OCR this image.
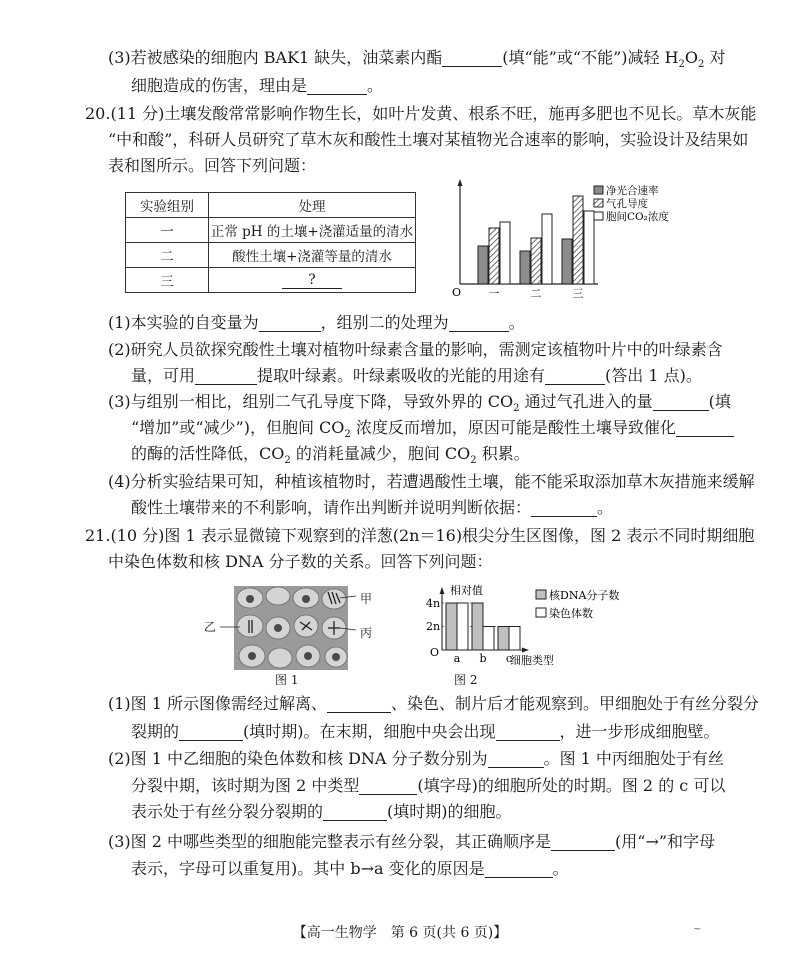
(3)若被感染的细胞内 BAK1 缺失，油菜素内酯	(填“能”或“不能”)减轻 $H_2O_2$ 对
细胞造成的伤害，理由是	。
20.(11 分)土壤发酸常常影响作物生长，如叶片发黄、根系不旺，施再多肥也不见长。草木灰能
“中和酸”，科研人员研究了草木灰和酸性土壤对某植物光合速率的影响，实验设计及结果如
表和图所示。回答下列问题：
实验组别	处理
一	正常 pH 的土壤+浇灌适量的清水
二	酸性土壤+浇灌等量的清水
三	?
O 一	二	三
净光合速率
气孔导度
胞间CO₂浓度
(1)本实验的自变量为	，组别二的处理为	。
(2)研究人员欲探究酸性土壤对植物叶绿素含量的影响，需测定该植物叶片中的叶绿素含
量，可用	提取叶绿素。叶绿素吸收的光能的用途有	(答出 1 点)。
(3)与组别一相比，组别二气孔导度下降，导致外界的 $CO_2$ 通过气孔进入的量	(填
“增加”或“减少”)，但胞间 $CO_2$ 浓度反而增加，原因可能是酸性土壤导致催化
的酶的活性降低，$CO_2$ 的消耗量减少，胞间 $CO_2$ 积累。
(4)分析实验结果可知，种植该植物时，若遭遇酸性土壤，能不能采取添加草木灰措施来缓解
酸性土壤带来的不利影响，请作出判断并说明判断依据：	。
21.(10 分)图 1 表示显微镜下观察到的洋葱(2n＝16)根尖分生区图像，图 2 表示不同时期细胞
中染色体数和核 DNA 分子数的关系。回答下列问题：
乙
甲
丙
图 1
相对值
O
4n
2n
细胞类型
a b c
核DNA分子数
染色体数
图 2
(1)图 1 所示图像需经过解离、	、染色、制片后才能观察到。甲细胞处于有丝分裂分
裂期的	(填时期)。在末期，细胞中央会出现	，进一步形成细胞壁。
(2)图 1 中乙细胞的染色体数和核 DNA 分子数分别为	。图 1 中丙细胞处于有丝
分裂中期，该时期为图 2 中类型	(填字母)的细胞所处的时期。图 2 的 c 可以
表示处于有丝分裂分裂期的	(填时期)的细胞。
(3)图 2 中哪些类型的细胞能完整表示有丝分裂，其正确顺序是	(用“→”和字母
表示，字母可以重复用)。其中 b→a 变化的原因是	。
【高一生物学　第 6 页(共 6 页)】	~
